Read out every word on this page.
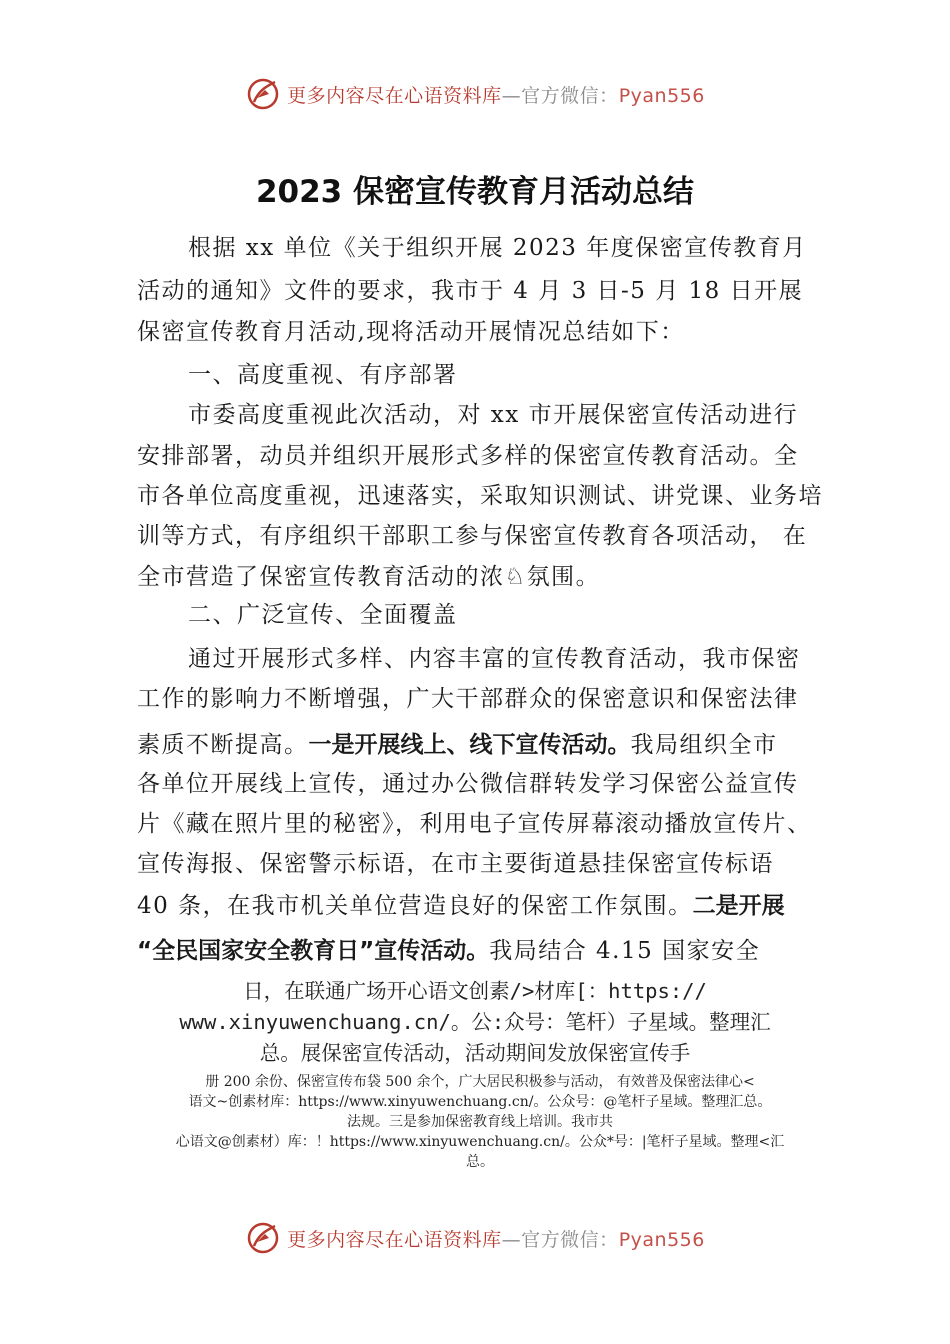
更多内容尽在心语资料库—官方微信：Pyan556
2023 保密宣传教育月活动总结
根据 xx 单位《关于组织开展 2023 年度保密宣传教育月
活动的通知》文件的要求，我市于 4 月 3 日-5 月 18 日开展
保密宣传教育月活动,现将活动开展情况总结如下：
一、高度重视、有序部署
市委高度重视此次活动，对 xx 市开展保密宣传活动进行
安排部署，动员并组织开展形式多样的保密宣传教育活动。全
市各单位高度重视，迅速落实，采取知识测试、讲党课、业务培
训等方式，有序组织干部职工参与保密宣传教育各项活动， 在
全市营造了保密宣传教育活动的浓♘氛围。
二、广泛宣传、全面覆盖
通过开展形式多样、内容丰富的宣传教育活动，我市保密
工作的影响力不断增强，广大干部群众的保密意识和保密法律
素质不断提高。一是开展线上、线下宣传活动。我局组织全市
各单位开展线上宣传，通过办公微信群转发学习保密公益宣传
片《藏在照片里的秘密》，利用电子宣传屏幕滚动播放宣传片、
宣传海报、保密警示标语，在市主要街道悬挂保密宣传标语
40 条，在我市机关单位营造良好的保密工作氛围。二是开展
“全民国家安全教育日”宣传活动。我局结合 4.15 国家安全
日，在联通广场开心语文创素/>材库[：https://
www.xinyuwenchuang.cn/。公:众号：笔杆）子星域。整理汇
总。展保密宣传活动，活动期间发放保密宣传手
册 200 余份、保密宣传布袋 500 余个，广大居民积极参与活动， 有效普及保密法律心<
语文~创素材库：https://www.xinyuwenchuang.cn/。公众号：@笔杆子星域。整理汇总。
法规。三是参加保密教育线上培训。我市共
心语文@创素材）库：！https://www.xinyuwenchuang.cn/。公众*号：|笔杆子星域。整理<汇
总。
更多内容尽在心语资料库—官方微信：Pyan556
